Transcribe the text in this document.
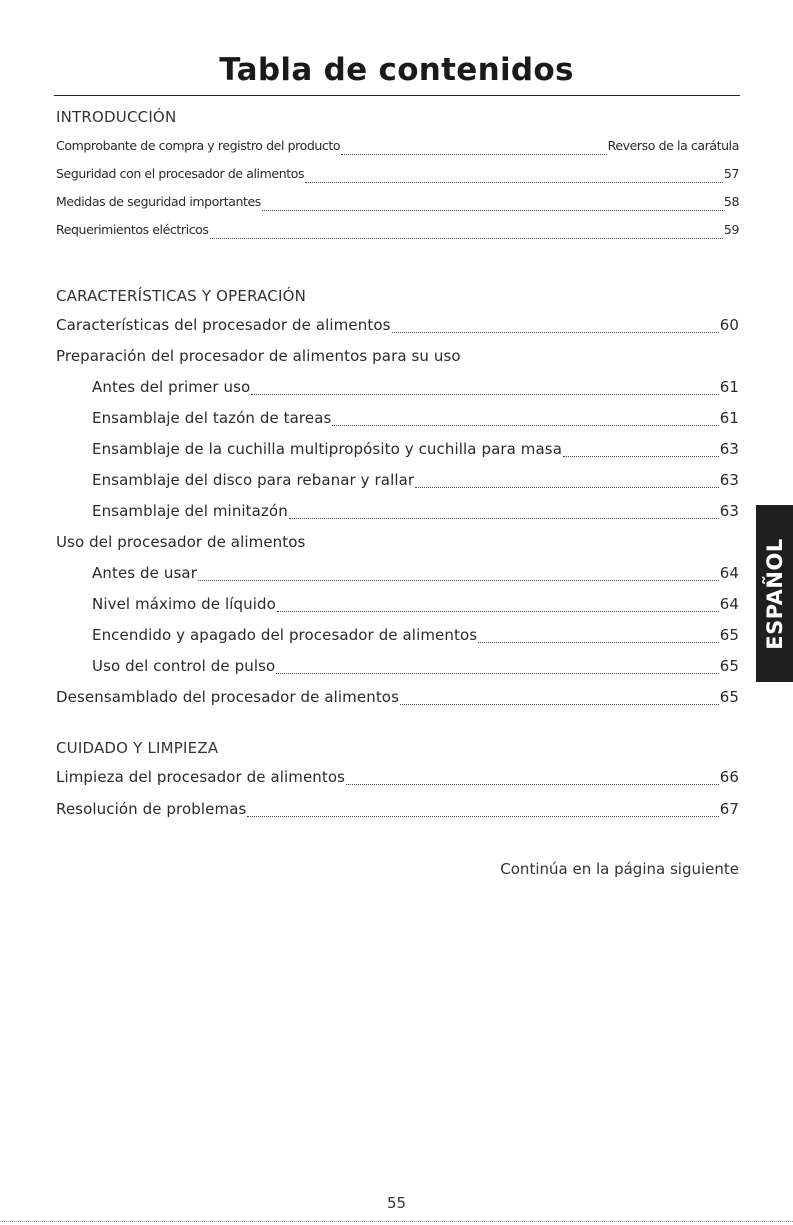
Tabla de contenidos
INTRODUCCIÓN
Comprobante de compra y registro del producto	Reverso de la carátula
Seguridad con el procesador de alimentos	57
Medidas de seguridad importantes	58
Requerimientos eléctricos	59
CARACTERÍSTICAS Y OPERACIÓN
Características del procesador de alimentos	60
Preparación del procesador de alimentos para su uso
Antes del primer uso	61
Ensamblaje del tazón de tareas	61
Ensamblaje de la cuchilla multipropósito y cuchilla para masa	63
Ensamblaje del disco para rebanar y rallar	63
Ensamblaje del minitazón	63
Uso del procesador de alimentos
Antes de usar	64
Nivel máximo de líquido	64
Encendido y apagado del procesador de alimentos	65
Uso del control de pulso	65
Desensamblado del procesador de alimentos	65
CUIDADO Y LIMPIEZA
Limpieza del procesador de alimentos	66
Resolución de problemas	67
Continúa en la página siguiente
ESPAÑOL
55
